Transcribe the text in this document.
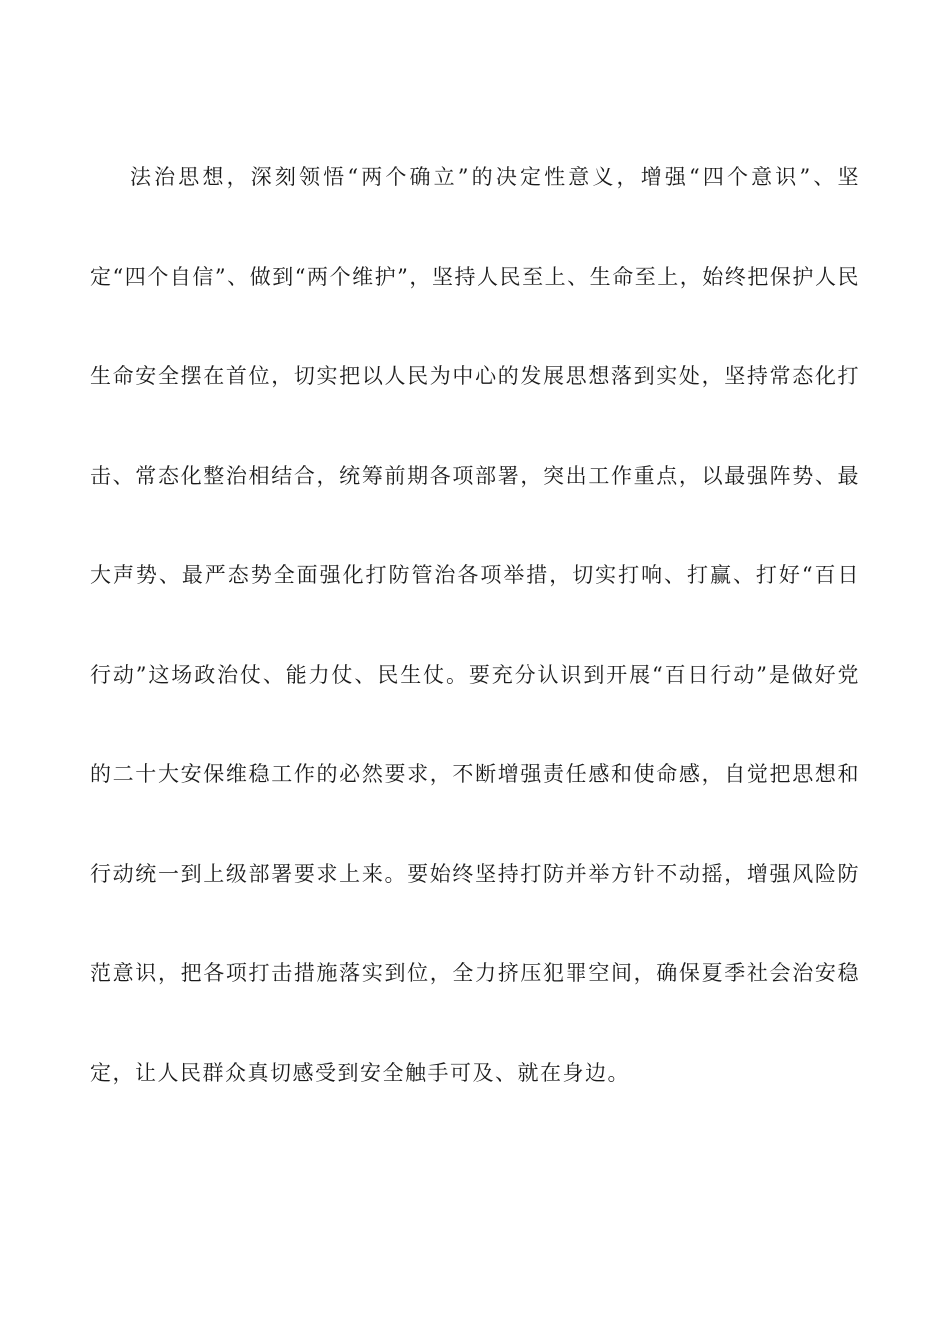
法治思想，深刻领悟“两个确立”的决定性意义，增强“四个意识”、坚定“四个自信”、做到“两个维护”，坚持人民至上、生命至上，始终把保护人民生命安全摆在首位，切实把以人民为中心的发展思想落到实处，坚持常态化打击、常态化整治相结合，统筹前期各项部署，突出工作重点，以最强阵势、最大声势、最严态势全面强化打防管治各项举措，切实打响、打赢、打好“百日行动”这场政治仗、能力仗、民生仗。要充分认识到开展“百日行动”是做好党的二十大安保维稳工作的必然要求，不断增强责任感和使命感，自觉把思想和行动统一到上级部署要求上来。要始终坚持打防并举方针不动摇，增强风险防范意识，把各项打击措施落实到位，全力挤压犯罪空间，确保夏季社会治安稳定，让人民群众真切感受到安全触手可及、就在身边。
